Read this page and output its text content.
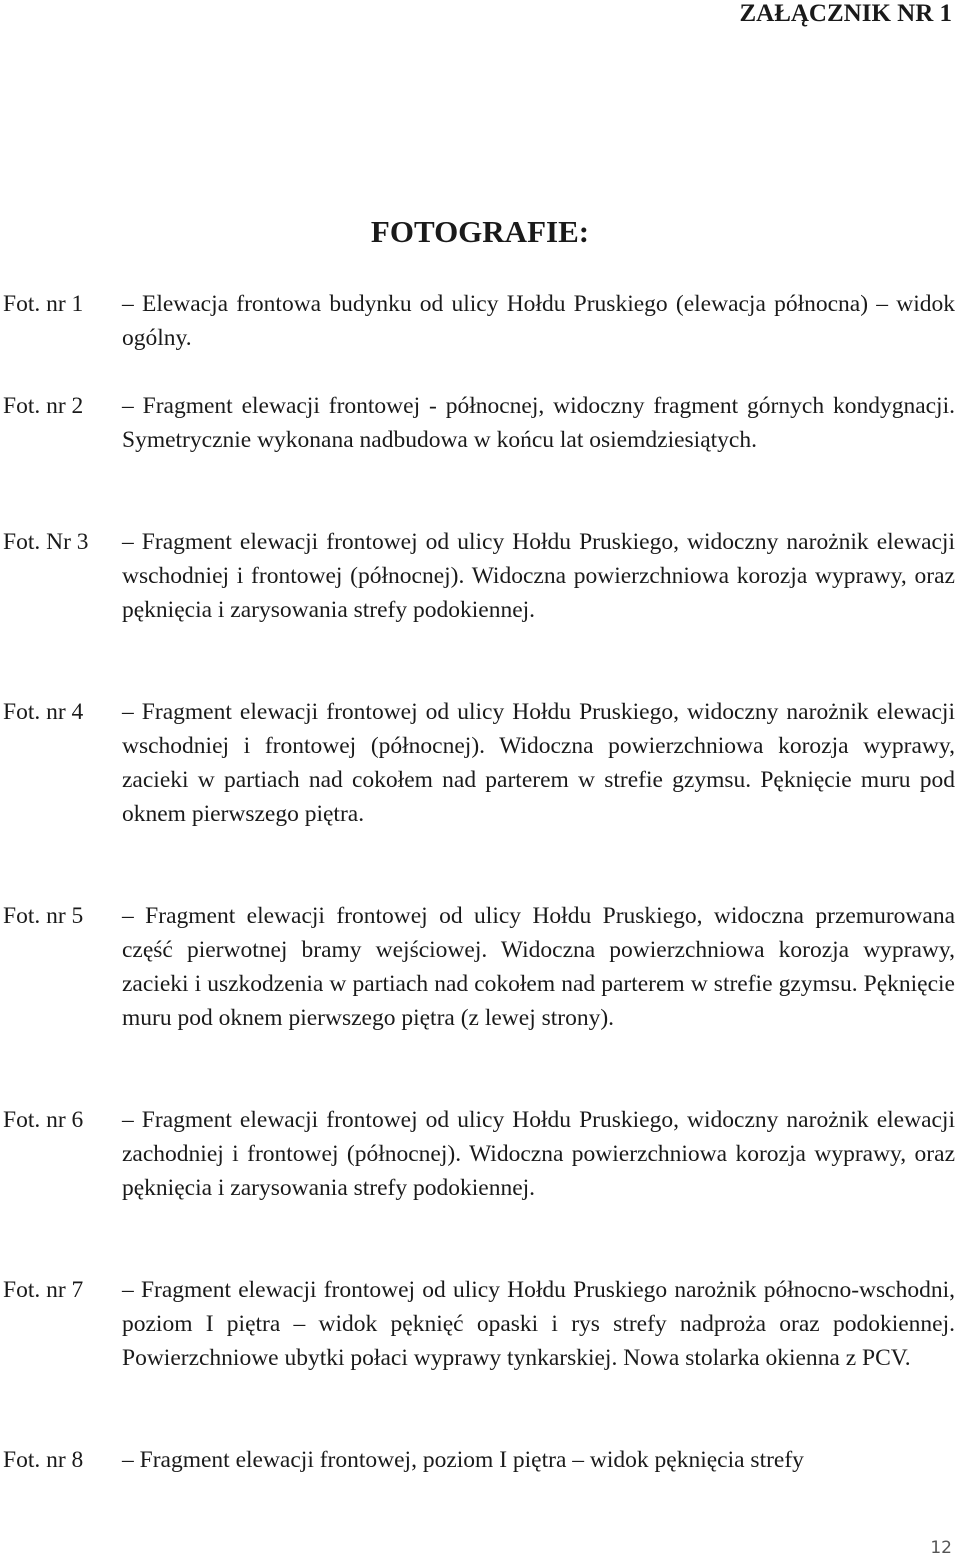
ZAŁĄCZNIK NR 1
FOTOGRAFIE:
Fot. nr 1 – Elewacja frontowa budynku od ulicy Hołdu Pruskiego (elewacja północna) – widok ogólny.
Fot. nr 2 – Fragment elewacji frontowej - północnej, widoczny fragment górnych kondygnacji. Symetrycznie wykonana nadbudowa w końcu lat osiemdziesiątych.
Fot. Nr 3 – Fragment elewacji frontowej od ulicy Hołdu Pruskiego, widoczny narożnik elewacji wschodniej i frontowej (północnej). Widoczna powierzchniowa korozja wyprawy, oraz pęknięcia i zarysowania strefy podokiennej.
Fot. nr 4 – Fragment elewacji frontowej od ulicy Hołdu Pruskiego, widoczny narożnik elewacji wschodniej i frontowej (północnej). Widoczna powierzchniowa korozja wyprawy, zacieki w partiach nad cokołem nad parterem w strefie gzymsu. Pęknięcie muru pod oknem pierwszego piętra.
Fot. nr 5 – Fragment elewacji frontowej od ulicy Hołdu Pruskiego, widoczna przemurowana część pierwotnej bramy wejściowej. Widoczna powierzchniowa korozja wyprawy, zacieki i uszkodzenia w partiach nad cokołem nad parterem w strefie gzymsu. Pęknięcie muru pod oknem pierwszego piętra (z lewej strony).
Fot. nr 6 – Fragment elewacji frontowej od ulicy Hołdu Pruskiego, widoczny narożnik elewacji zachodniej i frontowej (północnej). Widoczna powierzchniowa korozja wyprawy, oraz pęknięcia i zarysowania strefy podokiennej.
Fot. nr 7 – Fragment elewacji frontowej od ulicy Hołdu Pruskiego narożnik północno-wschodni, poziom I piętra – widok pęknięć opaski i rys strefy nadproża oraz podokiennej. Powierzchniowe ubytki połaci wyprawy tynkarskiej. Nowa stolarka okienna z PCV.
Fot. nr 8 – Fragment elewacji frontowej, poziom I piętra – widok pęknięcia strefy
12
